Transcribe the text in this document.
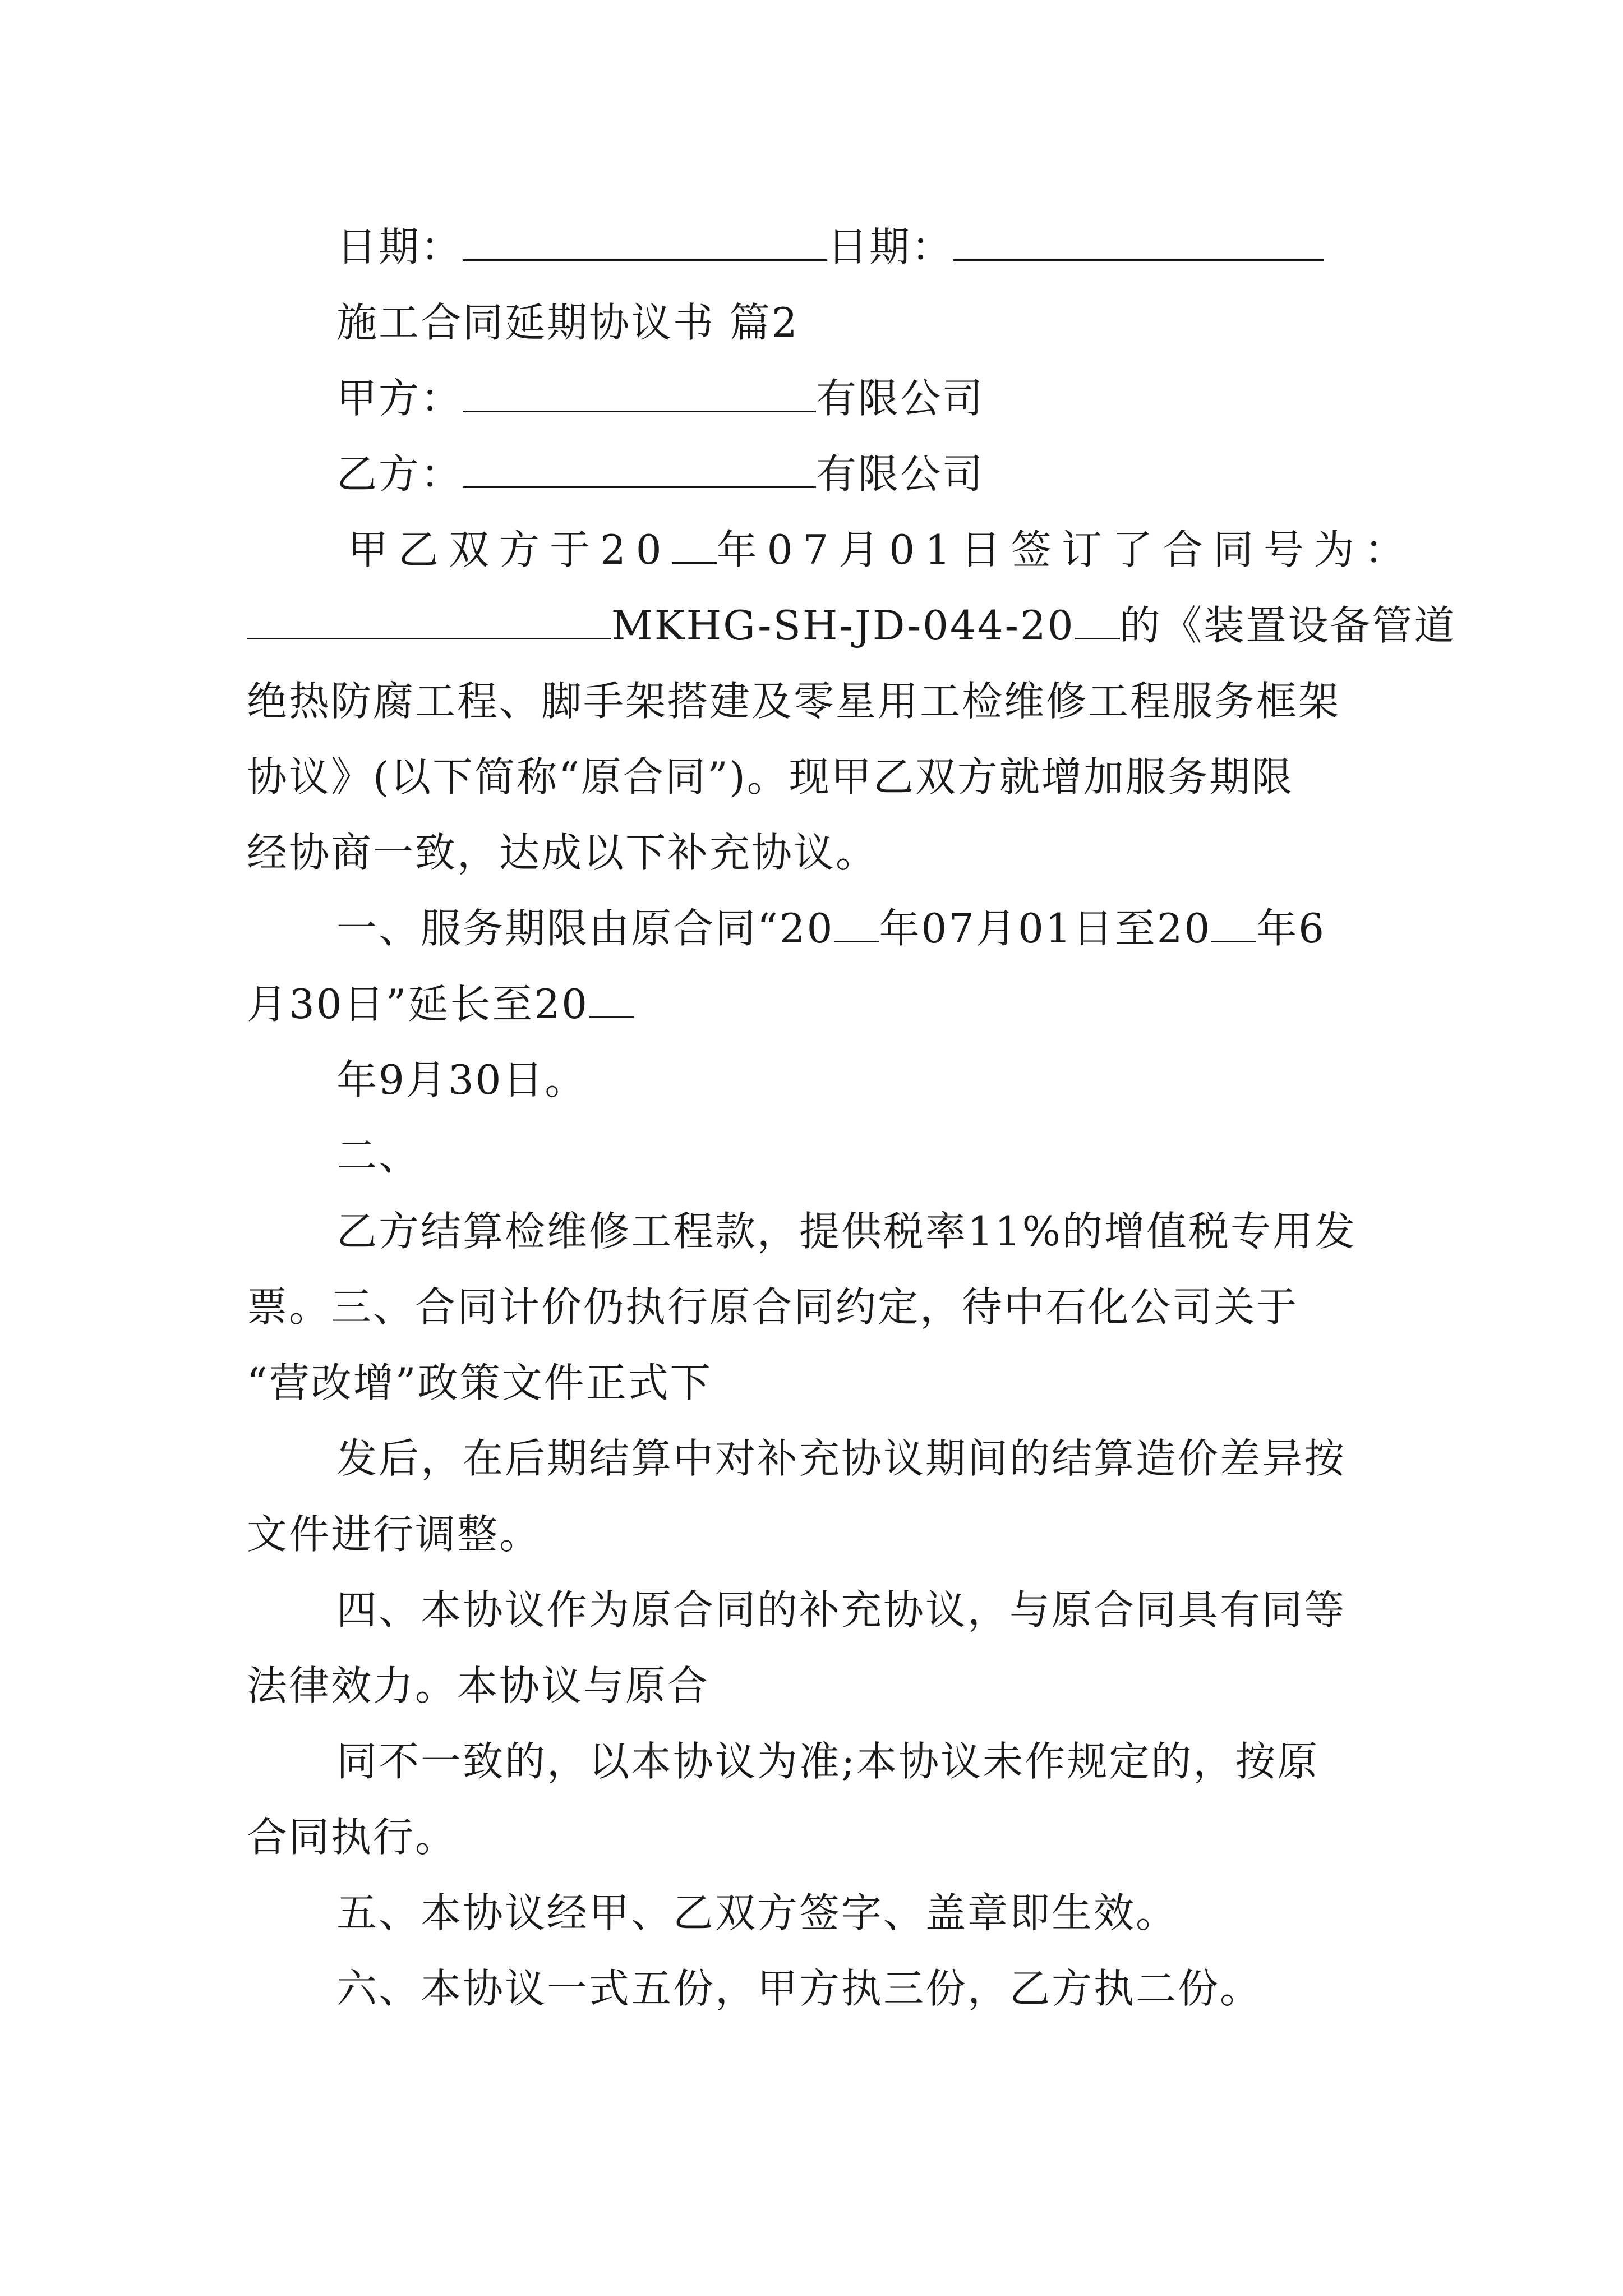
日期：	日期：
施工合同延期协议书 篇2
甲方：	有限公司
乙方：	有限公司
甲乙双方于20 年07月01日签订了合同号为：
MKHG-SH-JD-044-20 的《装置设备管道
绝热防腐工程、脚手架搭建及零星用工检维修工程服务框架
协议》(以下简称“原合同”)。现甲乙双方就增加服务期限
经协商一致，达成以下补充协议。
一、服务期限由原合同“20 年07月01日至20 年6
月30日”延长至20
年9月30日。
二、
乙方结算检维修工程款，提供税率11%的增值税专用发
票。三、合同计价仍执行原合同约定，待中石化公司关于
“营改增”政策文件正式下
发后，在后期结算中对补充协议期间的结算造价差异按
文件进行调整。
四、本协议作为原合同的补充协议，与原合同具有同等
法律效力。本协议与原合
同不一致的，以本协议为准;本协议未作规定的，按原
合同执行。
五、本协议经甲、乙双方签字、盖章即生效。
六、本协议一式五份，甲方执三份，乙方执二份。
